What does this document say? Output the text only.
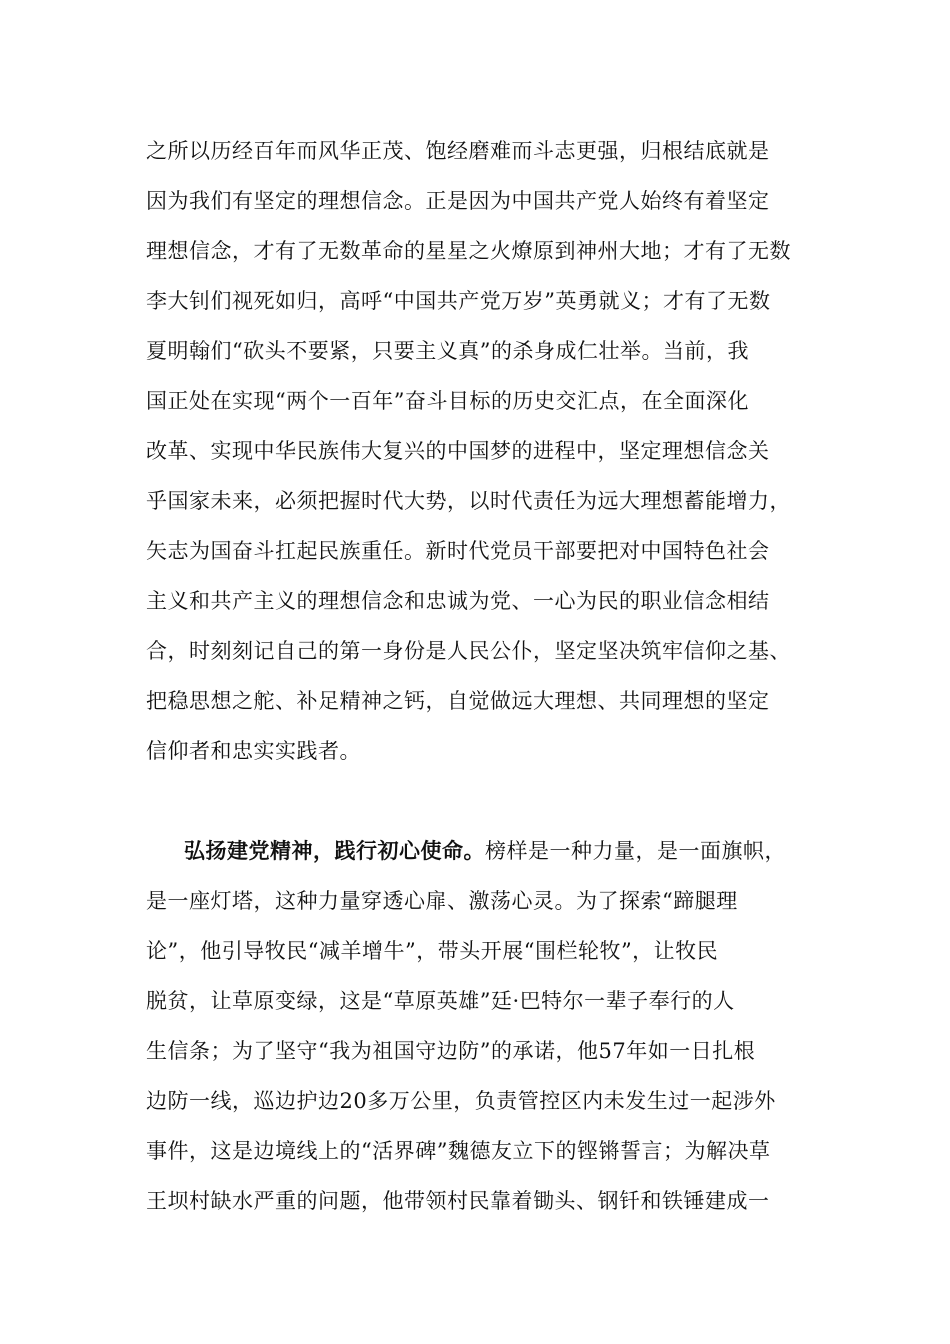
之所以历经百年而风华正茂、饱经磨难而斗志更强，归根结底就是
因为我们有坚定的理想信念。正是因为中国共产党人始终有着坚定
理想信念，才有了无数革命的星星之火燎原到神州大地；才有了无数
李大钊们视死如归，高呼“中国共产党万岁”英勇就义；才有了无数
夏明翰们“砍头不要紧，只要主义真”的杀身成仁壮举。当前，我
国正处在实现“两个一百年”奋斗目标的历史交汇点，在全面深化
改革、实现中华民族伟大复兴的中国梦的进程中，坚定理想信念关
乎国家未来，必须把握时代大势，以时代责任为远大理想蓄能增力，
矢志为国奋斗扛起民族重任。新时代党员干部要把对中国特色社会
主义和共产主义的理想信念和忠诚为党、一心为民的职业信念相结
合，时刻刻记自己的第一身份是人民公仆，坚定坚决筑牢信仰之基、
把稳思想之舵、补足精神之钙，自觉做远大理想、共同理想的坚定
信仰者和忠实实践者。
弘扬建党精神，践行初心使命。榜样是一种力量，是一面旗帜，
是一座灯塔，这种力量穿透心扉、激荡心灵。为了探索“蹄腿理
论”，他引导牧民“减羊增牛”，带头开展“围栏轮牧”，让牧民
脱贫，让草原变绿，这是“草原英雄”廷·巴特尔一辈子奉行的人
生信条；为了坚守“我为祖国守边防”的承诺，他57年如一日扎根
边防一线，巡边护边20多万公里，负责管控区内未发生过一起涉外
事件，这是边境线上的“活界碑”魏德友立下的铿锵誓言；为解决草
王坝村缺水严重的问题，他带领村民靠着锄头、钢钎和铁锤建成一
